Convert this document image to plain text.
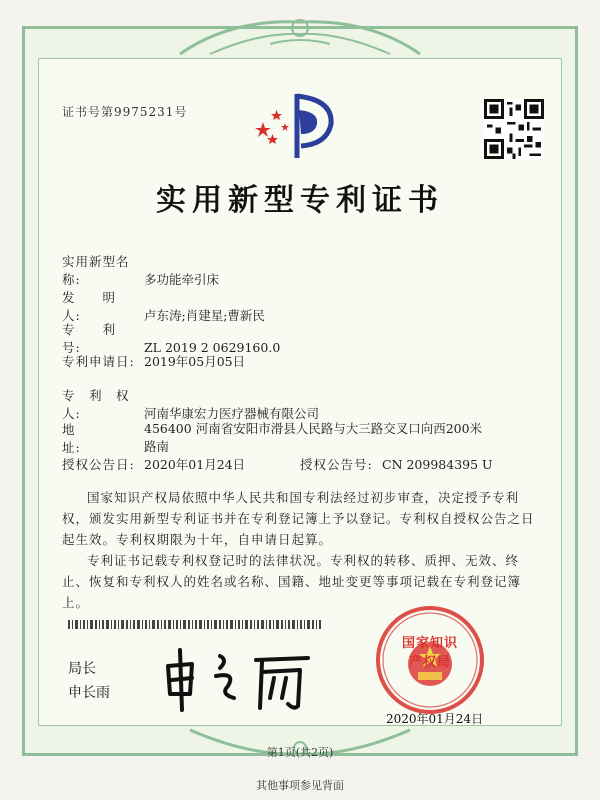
证书号第9975231号
实用新型专利证书
实用新型名称:	多功能牵引床
发　　明　　人:	卢东涛;肖建星;曹新民
专　　利　　号:	ZL 2019 2 0629160.0
专利申请日: 2019年05月05日
专　利　权　人:	河南华康宏力医疗器械有限公司
地　　　　　址:
456400 河南省安阳市滑县人民路与大三路交叉口向西200米路南
授权公告日: 2020年01月24日	授权公告号: CN 209984395 U
国家知识产权局依照中华人民共和国专利法经过初步审查，决定授予专利权，颁发实用新型专利证书并在专利登记簿上予以登记。专利权自授权公告之日起生效。专利权期限为十年，自申请日起算。
专利证书记载专利权登记时的法律状况。专利权的转移、质押、无效、终止、恢复和专利权人的姓名或名称、国籍、地址变更等事项记载在专利登记簿上。
局长
申长雨
国家知识产权局
2020年01月24日
第1页(共2页)
其他事项参见背面
